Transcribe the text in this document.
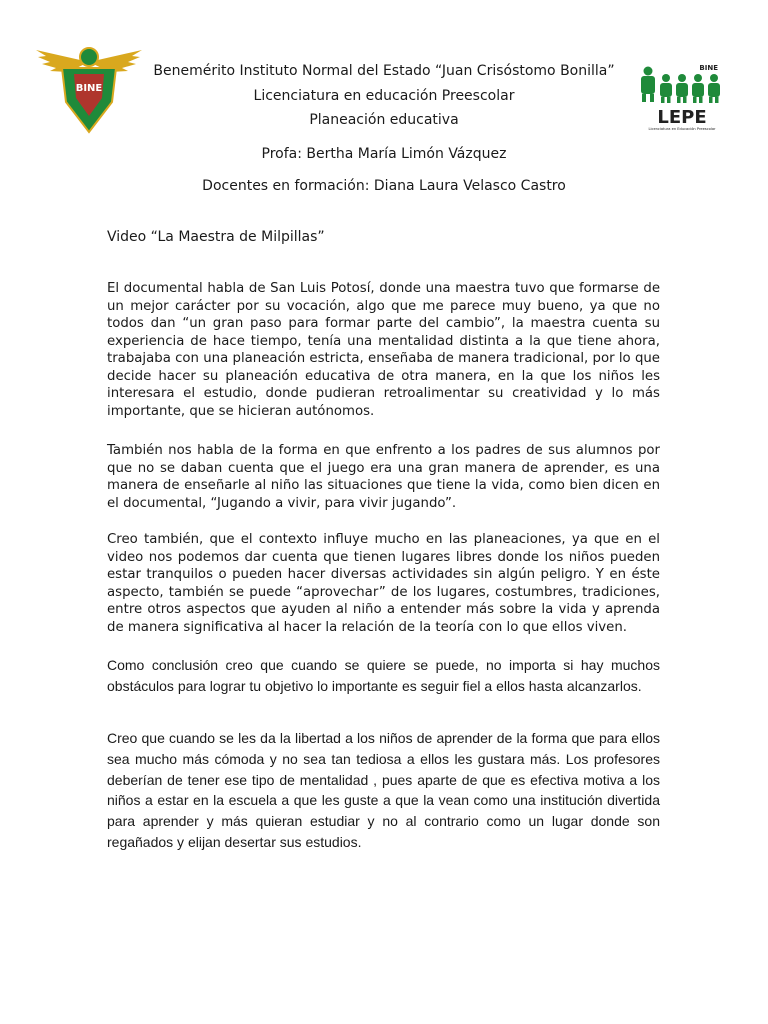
BINE

Benemérito Instituto Normal del Estado “Juan Crisóstomo Bonilla”

Licenciatura en educación Preescolar

Planeación educativa

Profa: Bertha María Limón Vázquez

Docentes en formación: Diana Laura Velasco Castro

BINE
LEPE
Licenciatura en Educación Preescolar

Video “La Maestra de Milpillas”

El documental habla de San Luis Potosí, donde una maestra tuvo que formarse de un mejor carácter por su vocación, algo que me parece muy bueno, ya que no todos dan “un gran paso para formar parte del cambio”, la maestra cuenta su experiencia de hace tiempo, tenía una mentalidad distinta a la que tiene ahora, trabajaba con una planeación estricta, enseñaba de manera tradicional, por lo que decide hacer su planeación educativa de otra manera, en la que los niños les interesara el estudio, donde pudieran retroalimentar su creatividad y lo más importante, que se hicieran autónomos.

También nos habla de la forma en que enfrento a los padres de sus alumnos por que no se daban cuenta que el juego era una gran manera de aprender, es una manera de enseñarle al niño las situaciones que tiene la vida, como bien dicen en el documental, “Jugando a vivir, para vivir jugando”.

Creo también, que el contexto influye mucho en las planeaciones, ya que en el video nos podemos dar cuenta que tienen lugares libres donde los niños pueden estar tranquilos o pueden hacer diversas actividades sin algún peligro. Y en éste aspecto, también se puede “aprovechar” de los lugares, costumbres, tradiciones, entre otros aspectos que ayuden al niño a entender más sobre la vida y aprenda de manera significativa al hacer la relación de la teoría con lo que ellos viven.

Como conclusión creo que cuando se quiere se puede, no importa si hay muchos obstáculos para lograr tu objetivo lo importante es seguir fiel a ellos hasta alcanzarlos.

Creo que cuando se les da la libertad a los niños de aprender de la forma que para ellos sea mucho más cómoda y no sea tan tediosa a ellos les gustara más. Los profesores deberían de tener ese tipo de mentalidad , pues aparte de que es efectiva motiva a los niños a estar en la escuela a que les guste a que la vean como una institución divertida para aprender y más quieran estudiar y no al contrario como un lugar donde son regañados y elijan desertar sus estudios.
